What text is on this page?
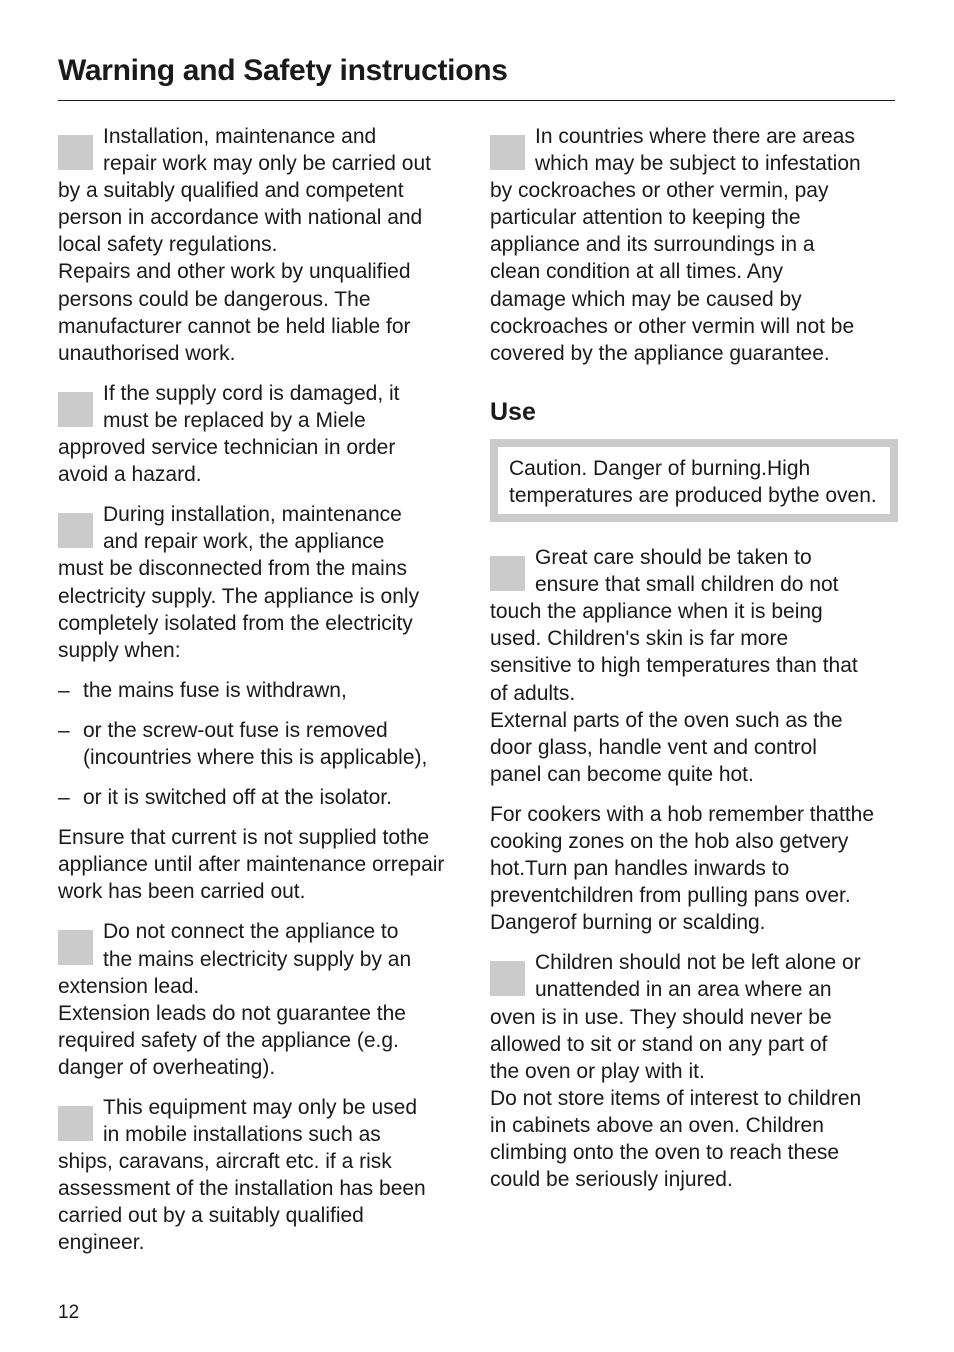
Warning and Safety instructions
Installation, maintenance and
repair work may only be carried out
by a suitably qualified and competent
person in accordance with national and
local safety regulations.
Repairs and other work by unqualified
persons could be dangerous. The
manufacturer cannot be held liable for
unauthorised work.
If the supply cord is damaged, it
must be replaced by a Miele
approved service technician in order
avoid a hazard.
During installation, maintenance
and repair work, the appliance
must be disconnected from the mains
electricity supply. The appliance is only
completely isolated from the electricity
supply when:
– the mains fuse is withdrawn,
– or the screw-out fuse is removed (incountries where this is applicable),
– or it is switched off at the isolator.
Ensure that current is not supplied tothe appliance until after maintenance orrepair work has been carried out.
Do not connect the appliance to
the mains electricity supply by an
extension lead.
Extension leads do not guarantee the
required safety of the appliance (e.g.
danger of overheating).
This equipment may only be used
in mobile installations such as
ships, caravans, aircraft etc. if a risk
assessment of the installation has been
carried out by a suitably qualified
engineer.
In countries where there are areas
which may be subject to infestation
by cockroaches or other vermin, pay
particular attention to keeping the
appliance and its surroundings in a
clean condition at all times. Any
damage which may be caused by
cockroaches or other vermin will not be
covered by the appliance guarantee.
Use
Caution. Danger of burning.High temperatures are produced bythe oven.
Great care should be taken to
ensure that small children do not
touch the appliance when it is being
used. Children's skin is far more
sensitive to high temperatures than that
of adults.
External parts of the oven such as the
door glass, handle vent and control
panel can become quite hot.
For cookers with a hob remember thatthe cooking zones on the hob also getvery hot.Turn pan handles inwards to preventchildren from pulling pans over. Dangerof burning or scalding.
Children should not be left alone or
unattended in an area where an
oven is in use. They should never be
allowed to sit or stand on any part of
the oven or play with it.
Do not store items of interest to children
in cabinets above an oven. Children
climbing onto the oven to reach these
could be seriously injured.
12
